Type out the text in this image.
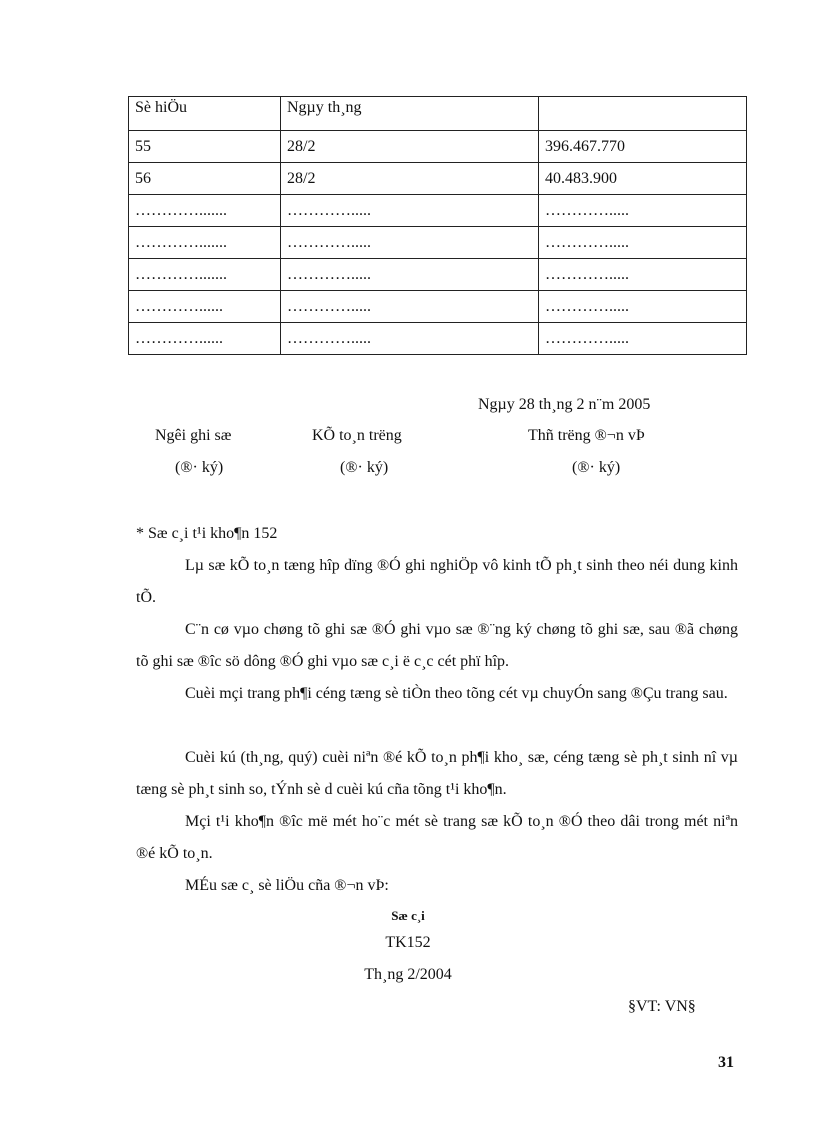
Sè hiÖu	Ngµy th¸ng	
55	28/2	396.467.770
56	28/2	40.483.900
………….......	………….....	………….....
………….......	………….....	………….....
………….......	………….....	………….....
…………......	………….....	………….....
…………......	………….....	………….....
Ngµy 28 th¸ng 2 n¨m 2005
Ngêi ghi sæ
(®· ký)
KÕ to¸n trëng
(®· ký)
Thñ trëng ®¬n vÞ
(®· ký)
* Sæ c¸i t¹i kho¶n 152
Lµ sæ kÕ to¸n tæng hîp dïng ®Ó ghi nghiÖp vô kinh tÕ ph¸t sinh theo néi dung kinh tÕ.
C¨n cø vµo chøng tõ ghi sæ ®Ó ghi vµo sæ ®¨ng ký chøng tõ ghi sæ, sau ®ã chøng tõ ghi sæ ®îc sö dông ®Ó ghi vµo sæ c¸i ë c¸c cét phï hîp.
Cuèi mçi trang ph¶i céng tæng sè tiÒn theo tõng cét vµ chuyÓn sang ®Çu trang sau.
Cuèi kú (th¸ng, quý) cuèi niªn ®é kÕ to¸n ph¶i kho¸ sæ, céng tæng sè ph¸t sinh nî vµ tæng sè ph¸t sinh so, tÝnh sè d cuèi kú cña tõng t¹i kho¶n.
Mçi t¹i kho¶n ®îc më mét ho¨c mét sè trang sæ kÕ to¸n ®Ó theo dâi trong mét niªn ®é kÕ to¸n.
MÉu sæ c¸ sè liÖu cña ®¬n vÞ:
Sæ c¸i
TK152
Th¸ng 2/2004
§VT: VN§
31
